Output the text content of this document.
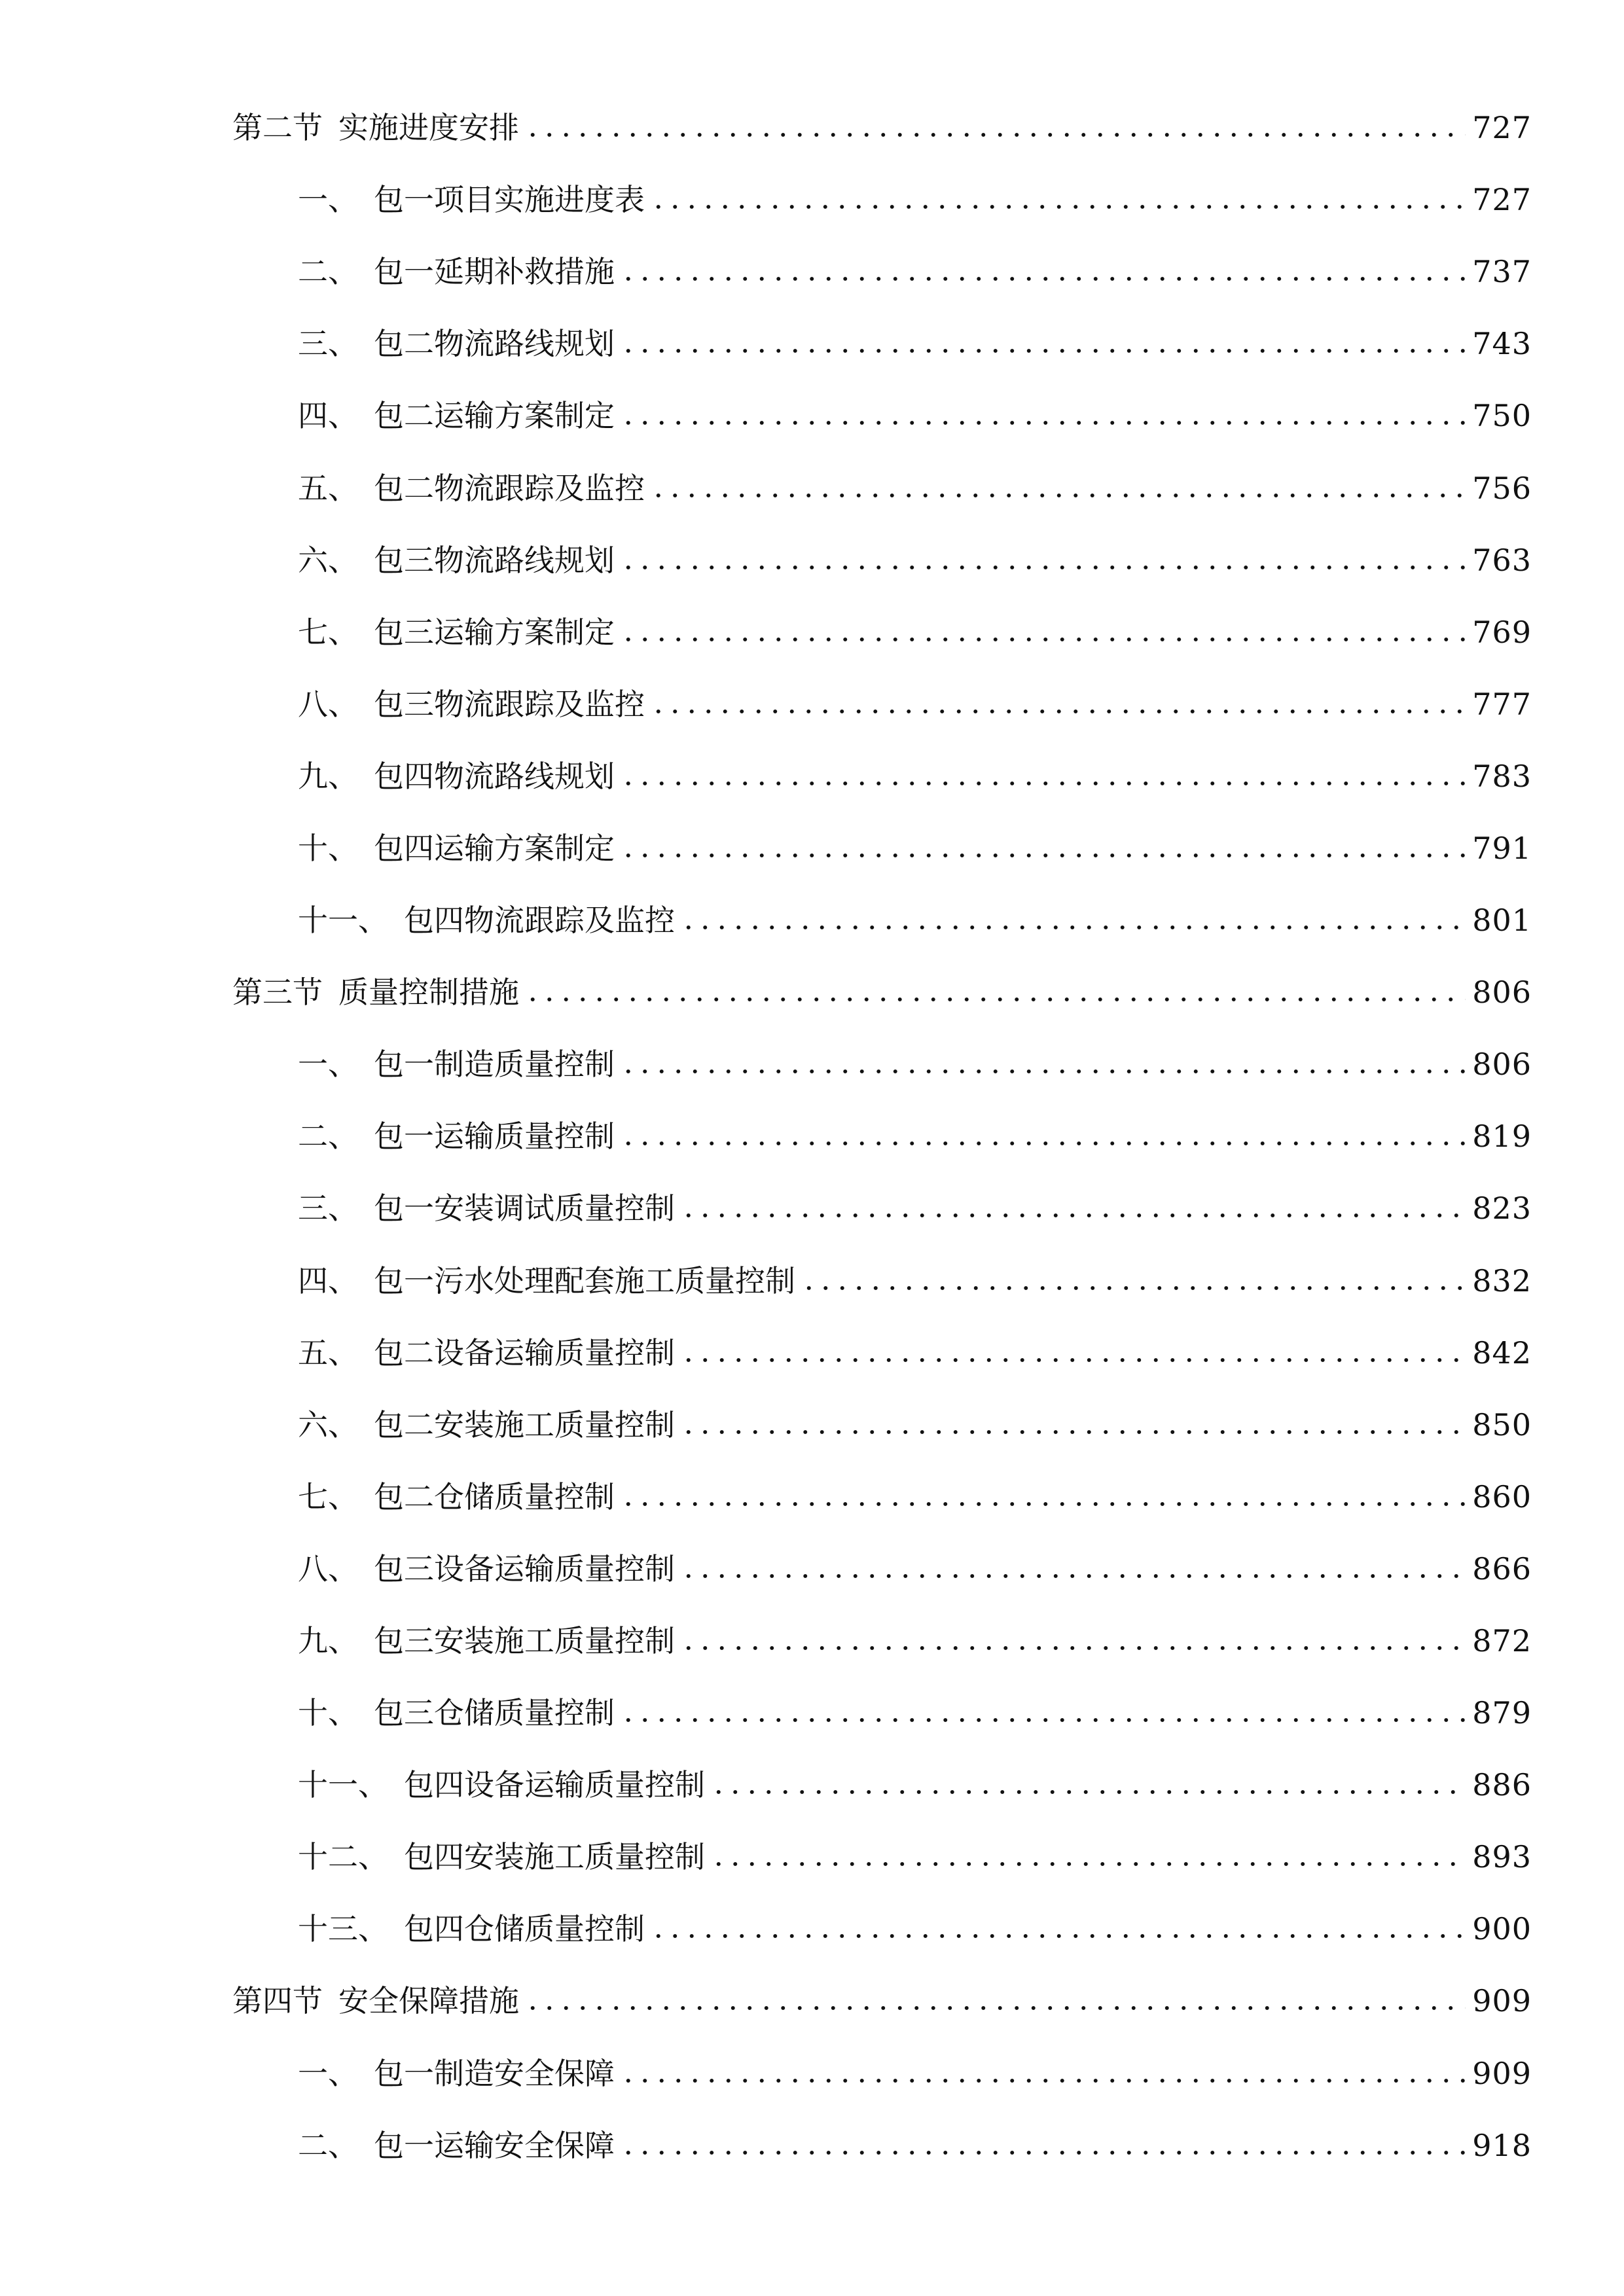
第二节 实施进度安排	727
一、 包一项目实施进度表	727
二、 包一延期补救措施	737
三、 包二物流路线规划	743
四、 包二运输方案制定	750
五、 包二物流跟踪及监控	756
六、 包三物流路线规划	763
七、 包三运输方案制定	769
八、 包三物流跟踪及监控	777
九、 包四物流路线规划	783
十、 包四运输方案制定	791
十一、 包四物流跟踪及监控	801
第三节 质量控制措施	806
一、 包一制造质量控制	806
二、 包一运输质量控制	819
三、 包一安装调试质量控制	823
四、 包一污水处理配套施工质量控制	832
五、 包二设备运输质量控制	842
六、 包二安装施工质量控制	850
七、 包二仓储质量控制	860
八、 包三设备运输质量控制	866
九、 包三安装施工质量控制	872
十、 包三仓储质量控制	879
十一、 包四设备运输质量控制	886
十二、 包四安装施工质量控制	893
十三、 包四仓储质量控制	900
第四节 安全保障措施	909
一、 包一制造安全保障	909
二、 包一运输安全保障	918
